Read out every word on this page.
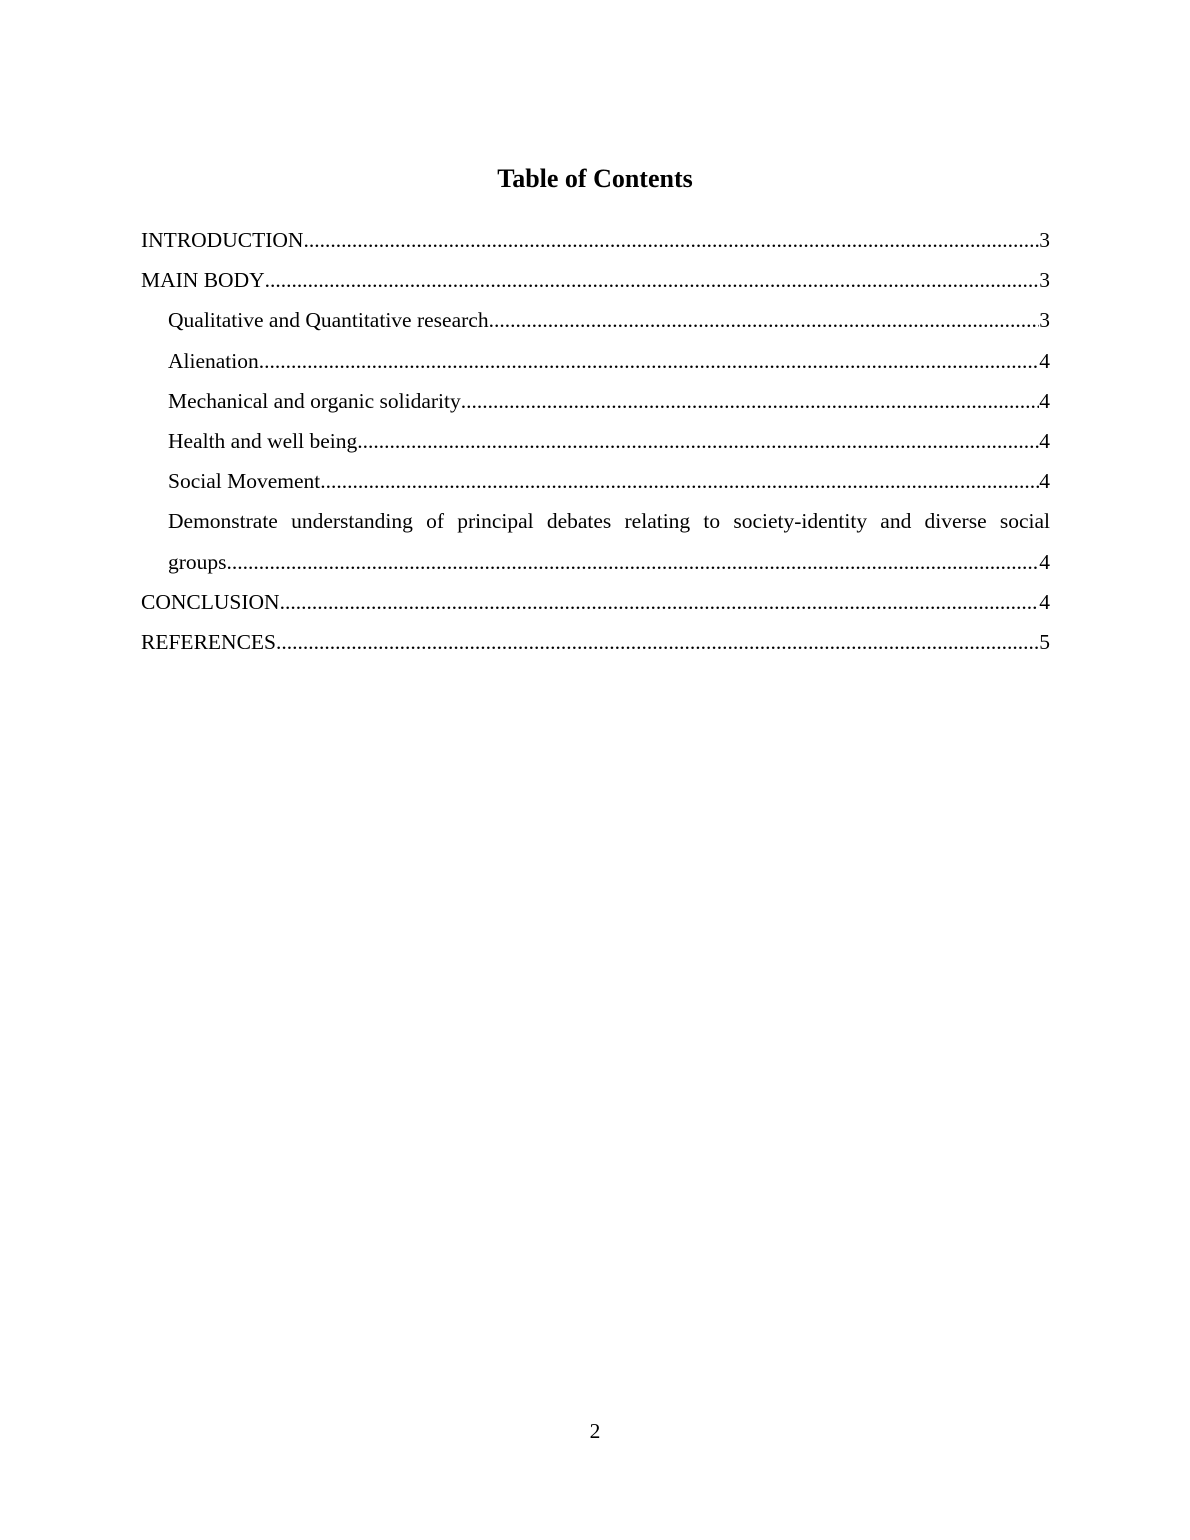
Table of Contents
INTRODUCTION .....	3
MAIN BODY .....	3
Qualitative and Quantitative research .....	3
Alienation .....	4
Mechanical and organic solidarity .....	4
Health and well being .....	4
Social Movement .....	4
Demonstrate understanding of principal debates relating to society-identity and diverse social
groups .....	4
CONCLUSION .....	4
REFERENCES .....	5
2
